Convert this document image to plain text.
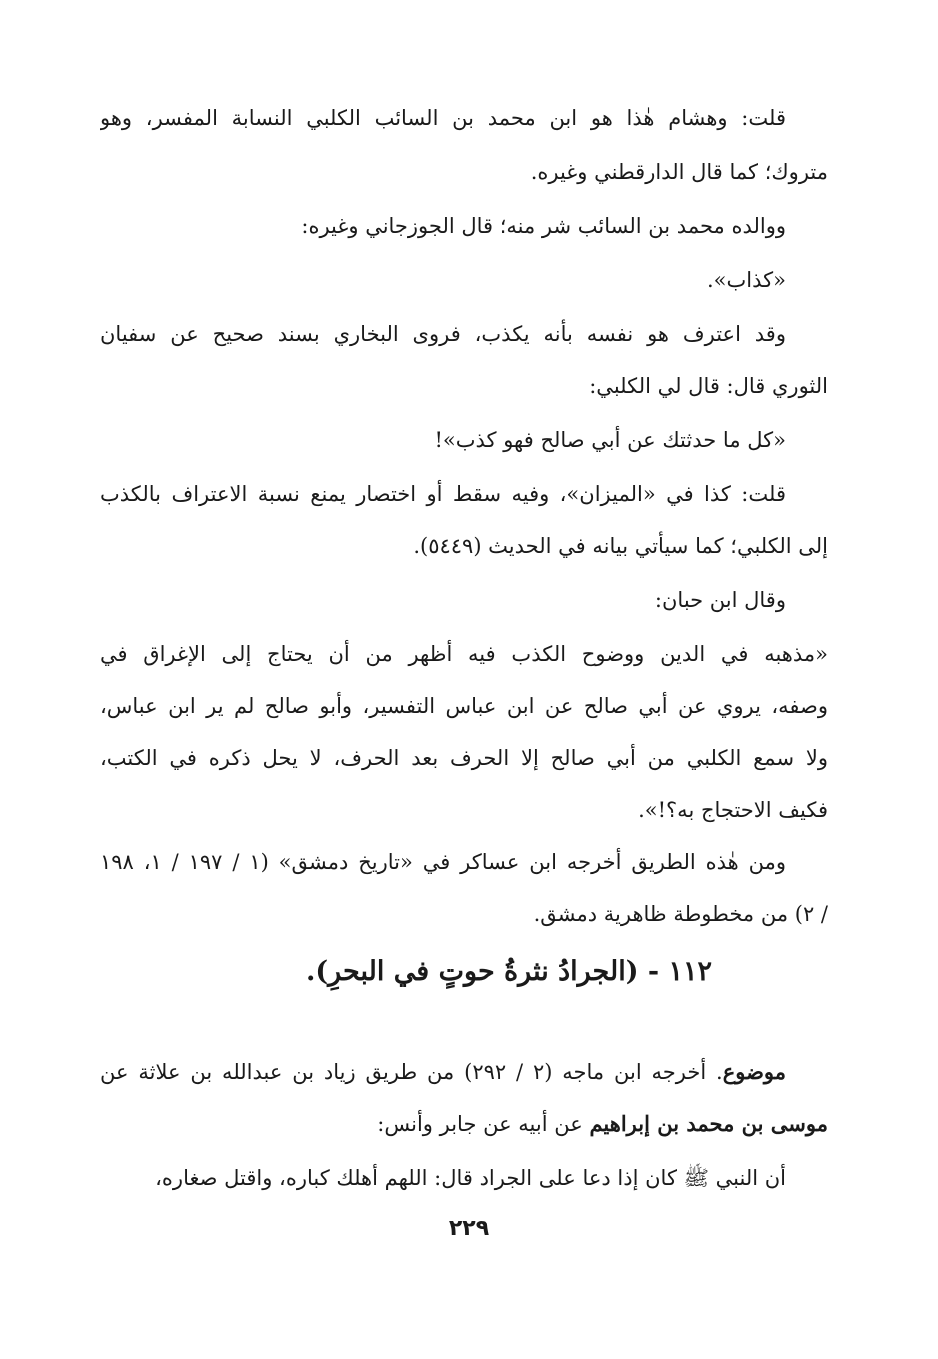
قلت: وهشام هٰذا هو ابن محمد بن السائب الكلبي النسابة المفسر، وهو
متروك؛ كما قال الدارقطني وغيره.
ووالده محمد بن السائب شر منه؛ قال الجوزجاني وغيره:
«كذاب».
وقد اعترف هو نفسه بأنه يكذب، فروى البخاري بسند صحيح عن سفيان
الثوري قال: قال لي الكلبي:
«كل ما حدثتك عن أبي صالح فهو كذب»!
قلت: كذا في «الميزان»، وفيه سقط أو اختصار يمنع نسبة الاعتراف بالكذب
إلى الكلبي؛ كما سيأتي بيانه في الحديث (٥٤٤٩).
وقال ابن حبان:
«مذهبه في الدين ووضوح الكذب فيه أظهر من أن يحتاج إلى الإغراق في
وصفه، يروي عن أبي صالح عن ابن عباس التفسير، وأبو صالح لم ير ابن عباس،
ولا سمع الكلبي من أبي صالح إلا الحرف بعد الحرف، لا يحل ذكره في الكتب،
فكيف الاحتجاج به؟!».
ومن هٰذه الطريق أخرجه ابن عساكر في «تاريخ دمشق» (١ / ١٩٧ / ١، ١٩٨
/ ٢) من مخطوطة ظاهرية دمشق.
١١٢ - (الجرادُ نثرةُ حوتٍ في البحرِ).
موضوع. أخرجه ابن ماجه (٢ / ٢٩٢) من طريق زياد بن عبدالله بن علاثة عن
موسى بن محمد بن إبراهيم عن أبيه عن جابر وأنس:
أن النبي ﷺ كان إذا دعا على الجراد قال: اللهم أهلك كباره، واقتل صغاره،
٢٢٩
